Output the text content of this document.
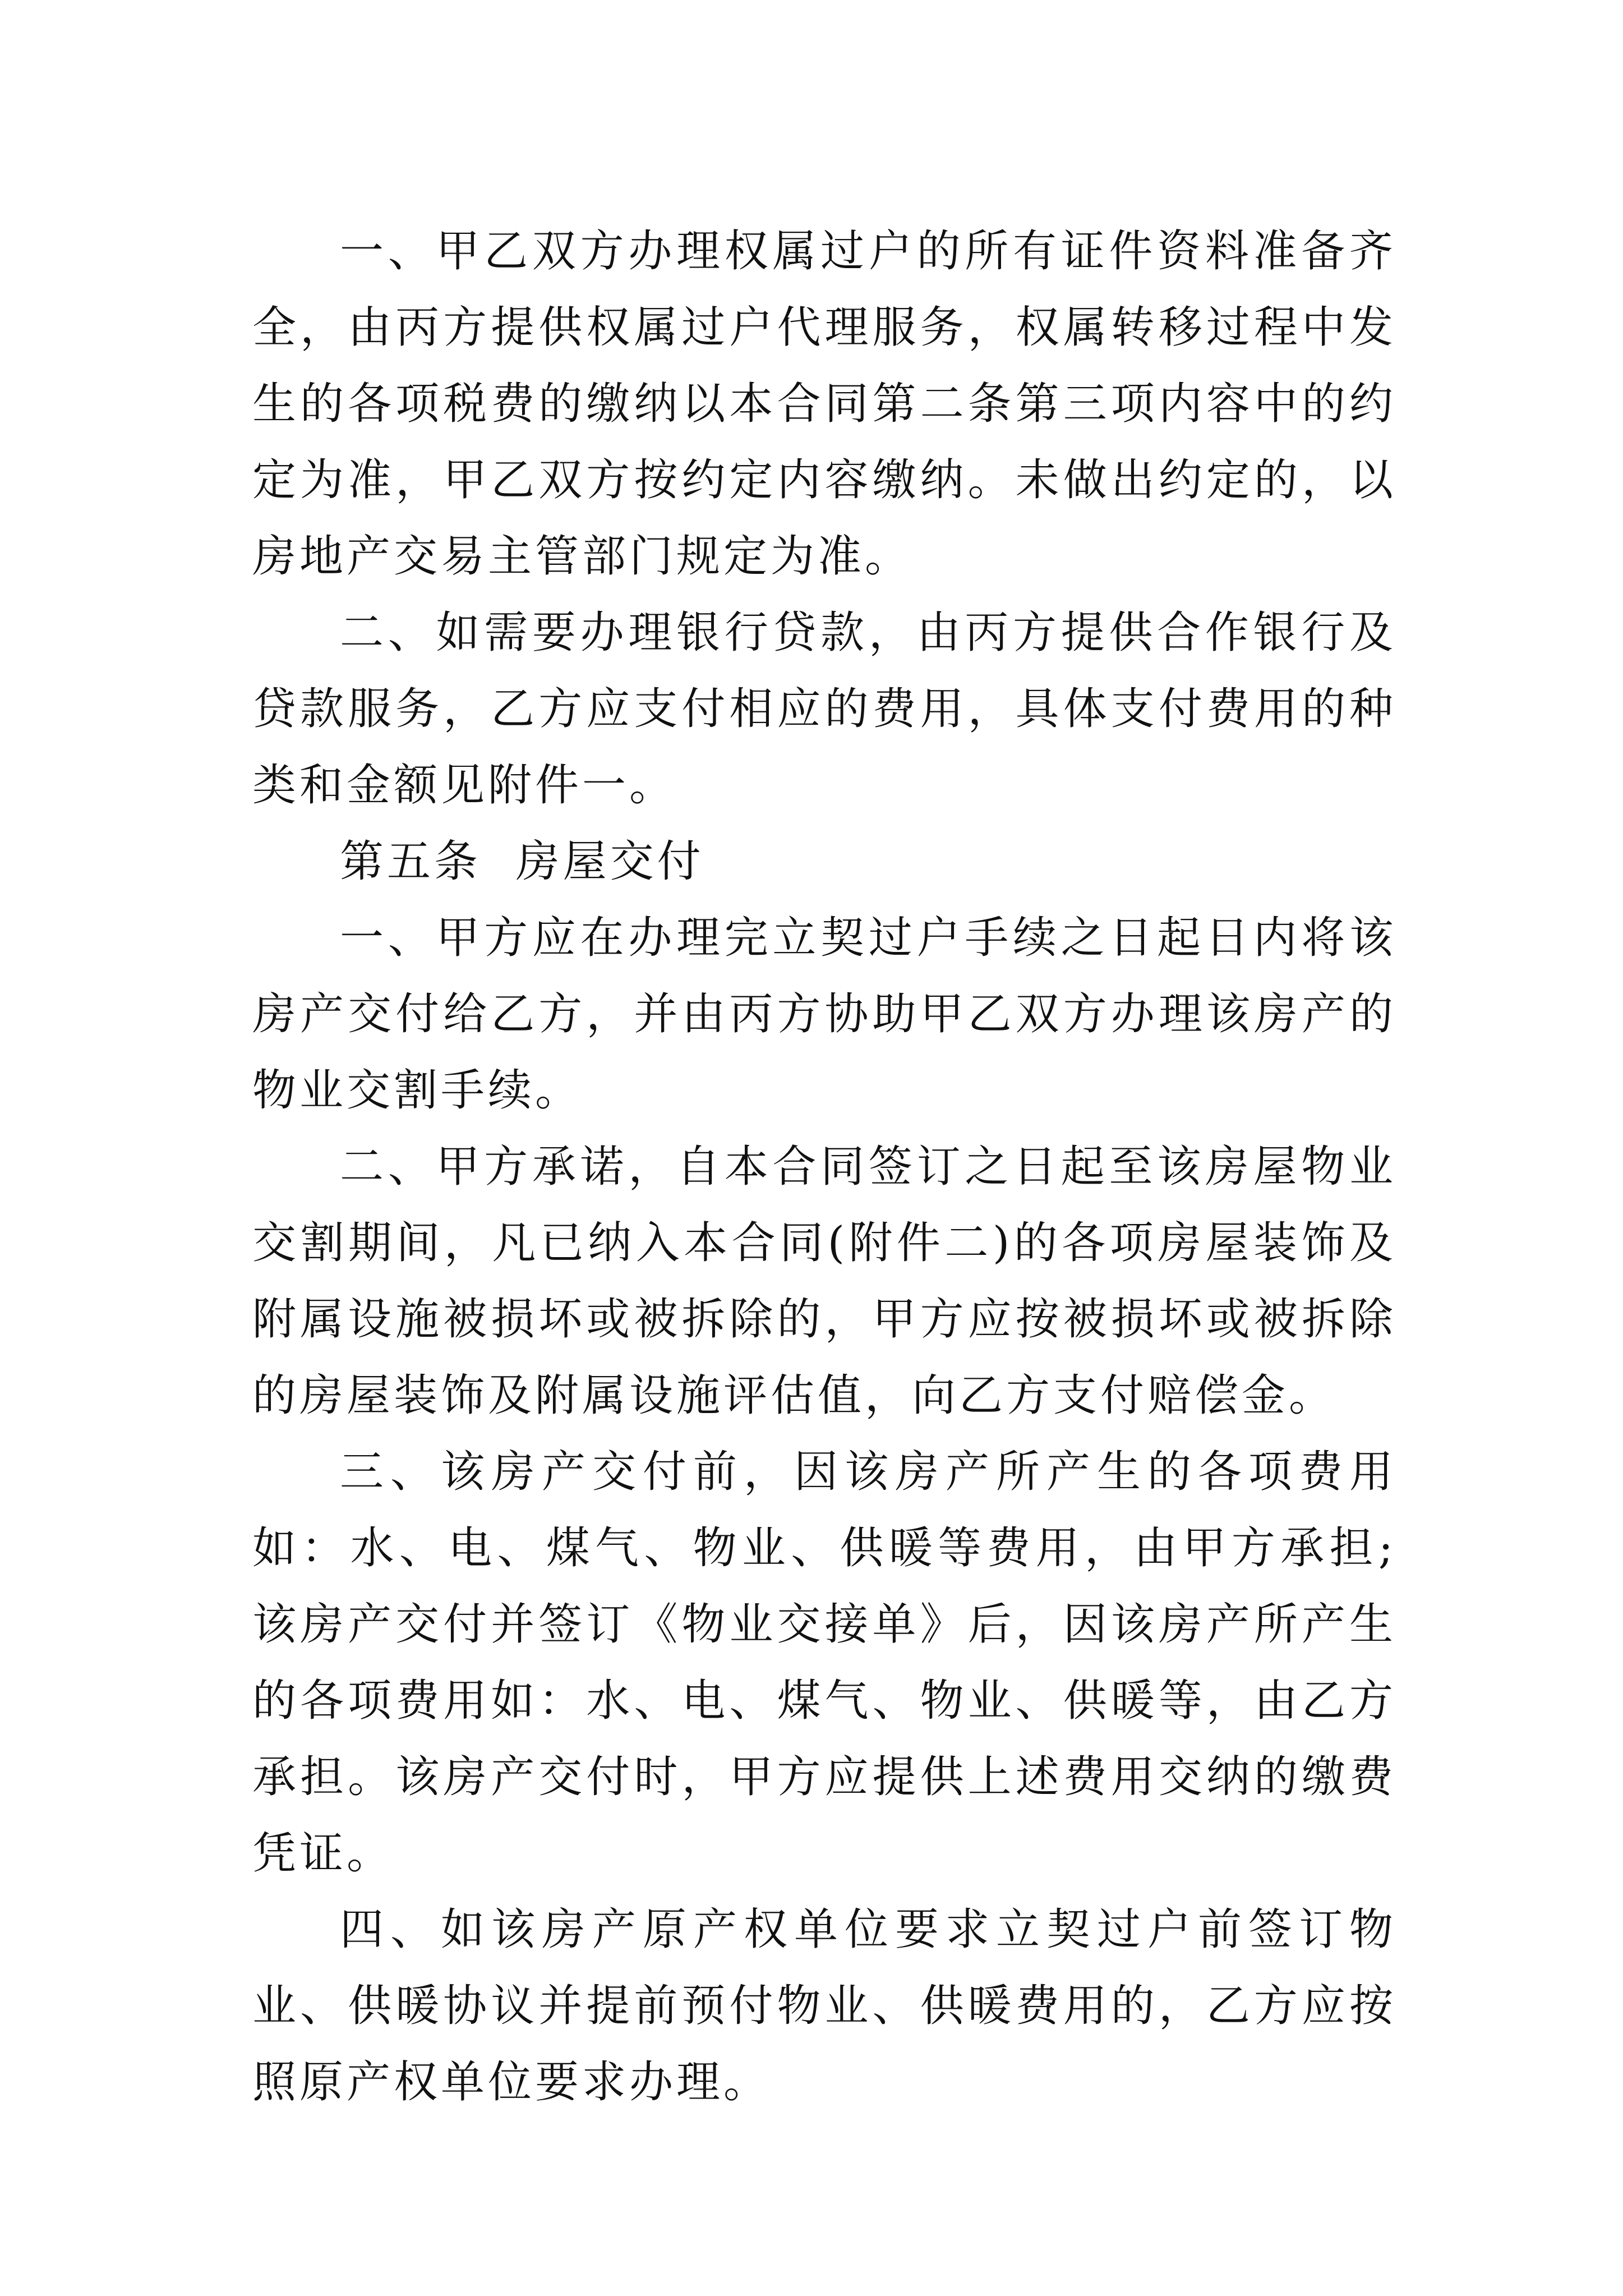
一、甲乙双方办理权属过户的所有证件资料准备齐全，由丙方提供权属过户代理服务，权属转移过程中发生的各项税费的缴纳以本合同第二条第三项内容中的约定为准，甲乙双方按约定内容缴纳。未做出约定的，以房地产交易主管部门规定为准。

二、如需要办理银行贷款，由丙方提供合作银行及贷款服务，乙方应支付相应的费用，具体支付费用的种类和金额见附件一。

第五条  房屋交付

一、甲方应在办理完立契过户手续之日起日内将该房产交付给乙方，并由丙方协助甲乙双方办理该房产的物业交割手续。

二、甲方承诺，自本合同签订之日起至该房屋物业交割期间，凡已纳入本合同(附件二)的各项房屋装饰及附属设施被损坏或被拆除的，甲方应按被损坏或被拆除的房屋装饰及附属设施评估值，向乙方支付赔偿金。

三、该房产交付前，因该房产所产生的各项费用如：水、电、煤气、物业、供暖等费用，由甲方承担;该房产交付并签订《物业交接单》后，因该房产所产生的各项费用如：水、电、煤气、物业、供暖等，由乙方承担。该房产交付时，甲方应提供上述费用交纳的缴费凭证。

四、如该房产原产权单位要求立契过户前签订物业、供暖协议并提前预付物业、供暖费用的，乙方应按照原产权单位要求办理。
